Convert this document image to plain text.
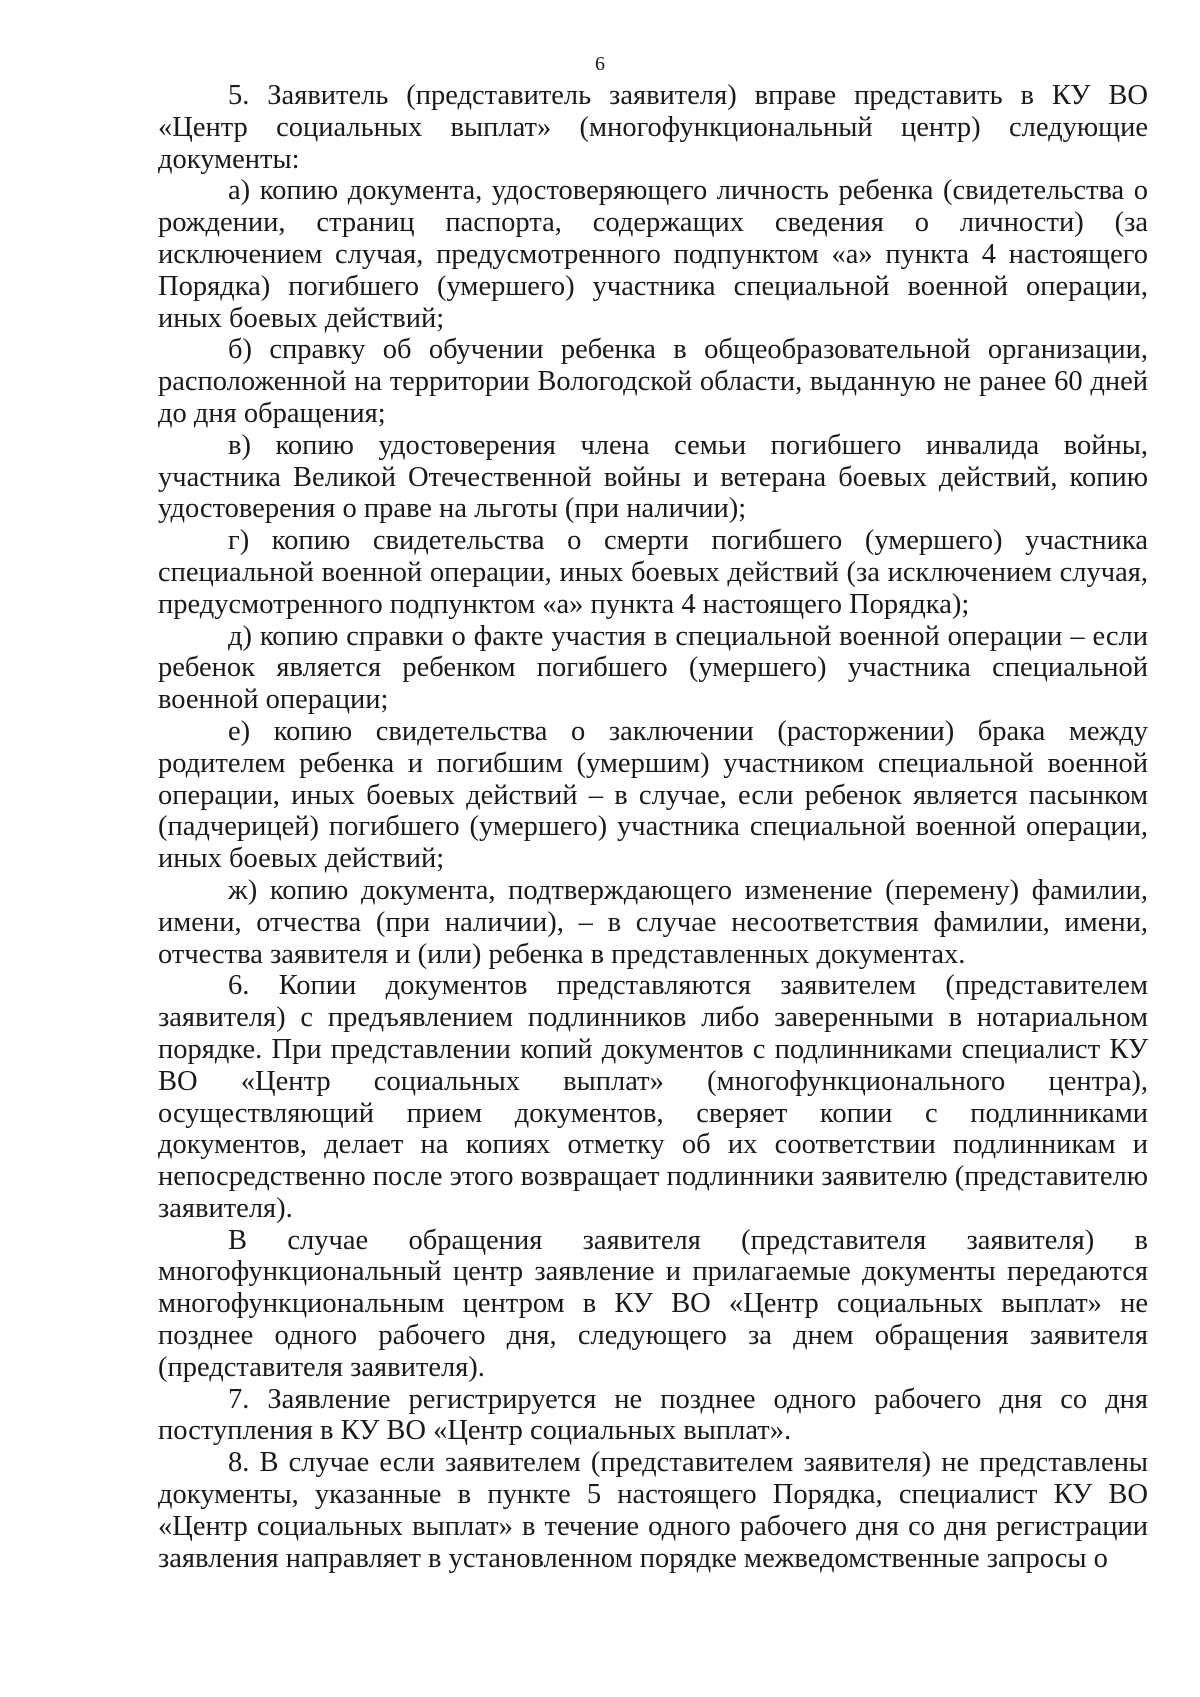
6

5. Заявитель (представитель заявителя) вправе представить в КУ ВО «Центр социальных выплат» (многофункциональный центр) следующие документы:

а) копию документа, удостоверяющего личность ребенка (свидетельства о рождении, страниц паспорта, содержащих сведения о личности) (за исключением случая, предусмотренного подпунктом «а» пункта 4 настоящего Порядка) погибшего (умершего) участника специальной военной операции, иных боевых действий;

б) справку об обучении ребенка в общеобразовательной организации, расположенной на территории Вологодской области, выданную не ранее 60 дней до дня обращения;

в) копию удостоверения члена семьи погибшего инвалида войны, участника Великой Отечественной войны и ветерана боевых действий, копию удостоверения о праве на льготы (при наличии);

г) копию свидетельства о смерти погибшего (умершего) участника специальной военной операции, иных боевых действий (за исключением случая, предусмотренного подпунктом «а» пункта 4 настоящего Порядка);

д) копию справки о факте участия в специальной военной операции – если ребенок является ребенком погибшего (умершего) участника специальной военной операции;

е) копию свидетельства о заключении (расторжении) брака между родителем ребенка и погибшим (умершим) участником специальной военной операции, иных боевых действий – в случае, если ребенок является пасынком (падчерицей) погибшего (умершего) участника специальной военной операции, иных боевых действий;

ж) копию документа, подтверждающего изменение (перемену) фамилии, имени, отчества (при наличии), – в случае несоответствия фамилии, имени, отчества заявителя и (или) ребенка в представленных документах.

6. Копии документов представляются заявителем (представителем заявителя) с предъявлением подлинников либо заверенными в нотариальном порядке. При представлении копий документов с подлинниками специалист КУ ВО «Центр социальных выплат» (многофункционального центра), осуществляющий прием документов, сверяет копии с подлинниками документов, делает на копиях отметку об их соответствии подлинникам и непосредственно после этого возвращает подлинники заявителю (представителю заявителя).

В случае обращения заявителя (представителя заявителя) в многофункциональный центр заявление и прилагаемые документы передаются многофункциональным центром в КУ ВО «Центр социальных выплат» не позднее одного рабочего дня, следующего за днем обращения заявителя (представителя заявителя).

7. Заявление регистрируется не позднее одного рабочего дня со дня поступления в КУ ВО «Центр социальных выплат».

8. В случае если заявителем (представителем заявителя) не представлены документы, указанные в пункте 5 настоящего Порядка, специалист КУ ВО «Центр социальных выплат» в течение одного рабочего дня со дня регистрации заявления направляет в установленном порядке межведомственные запросы о
